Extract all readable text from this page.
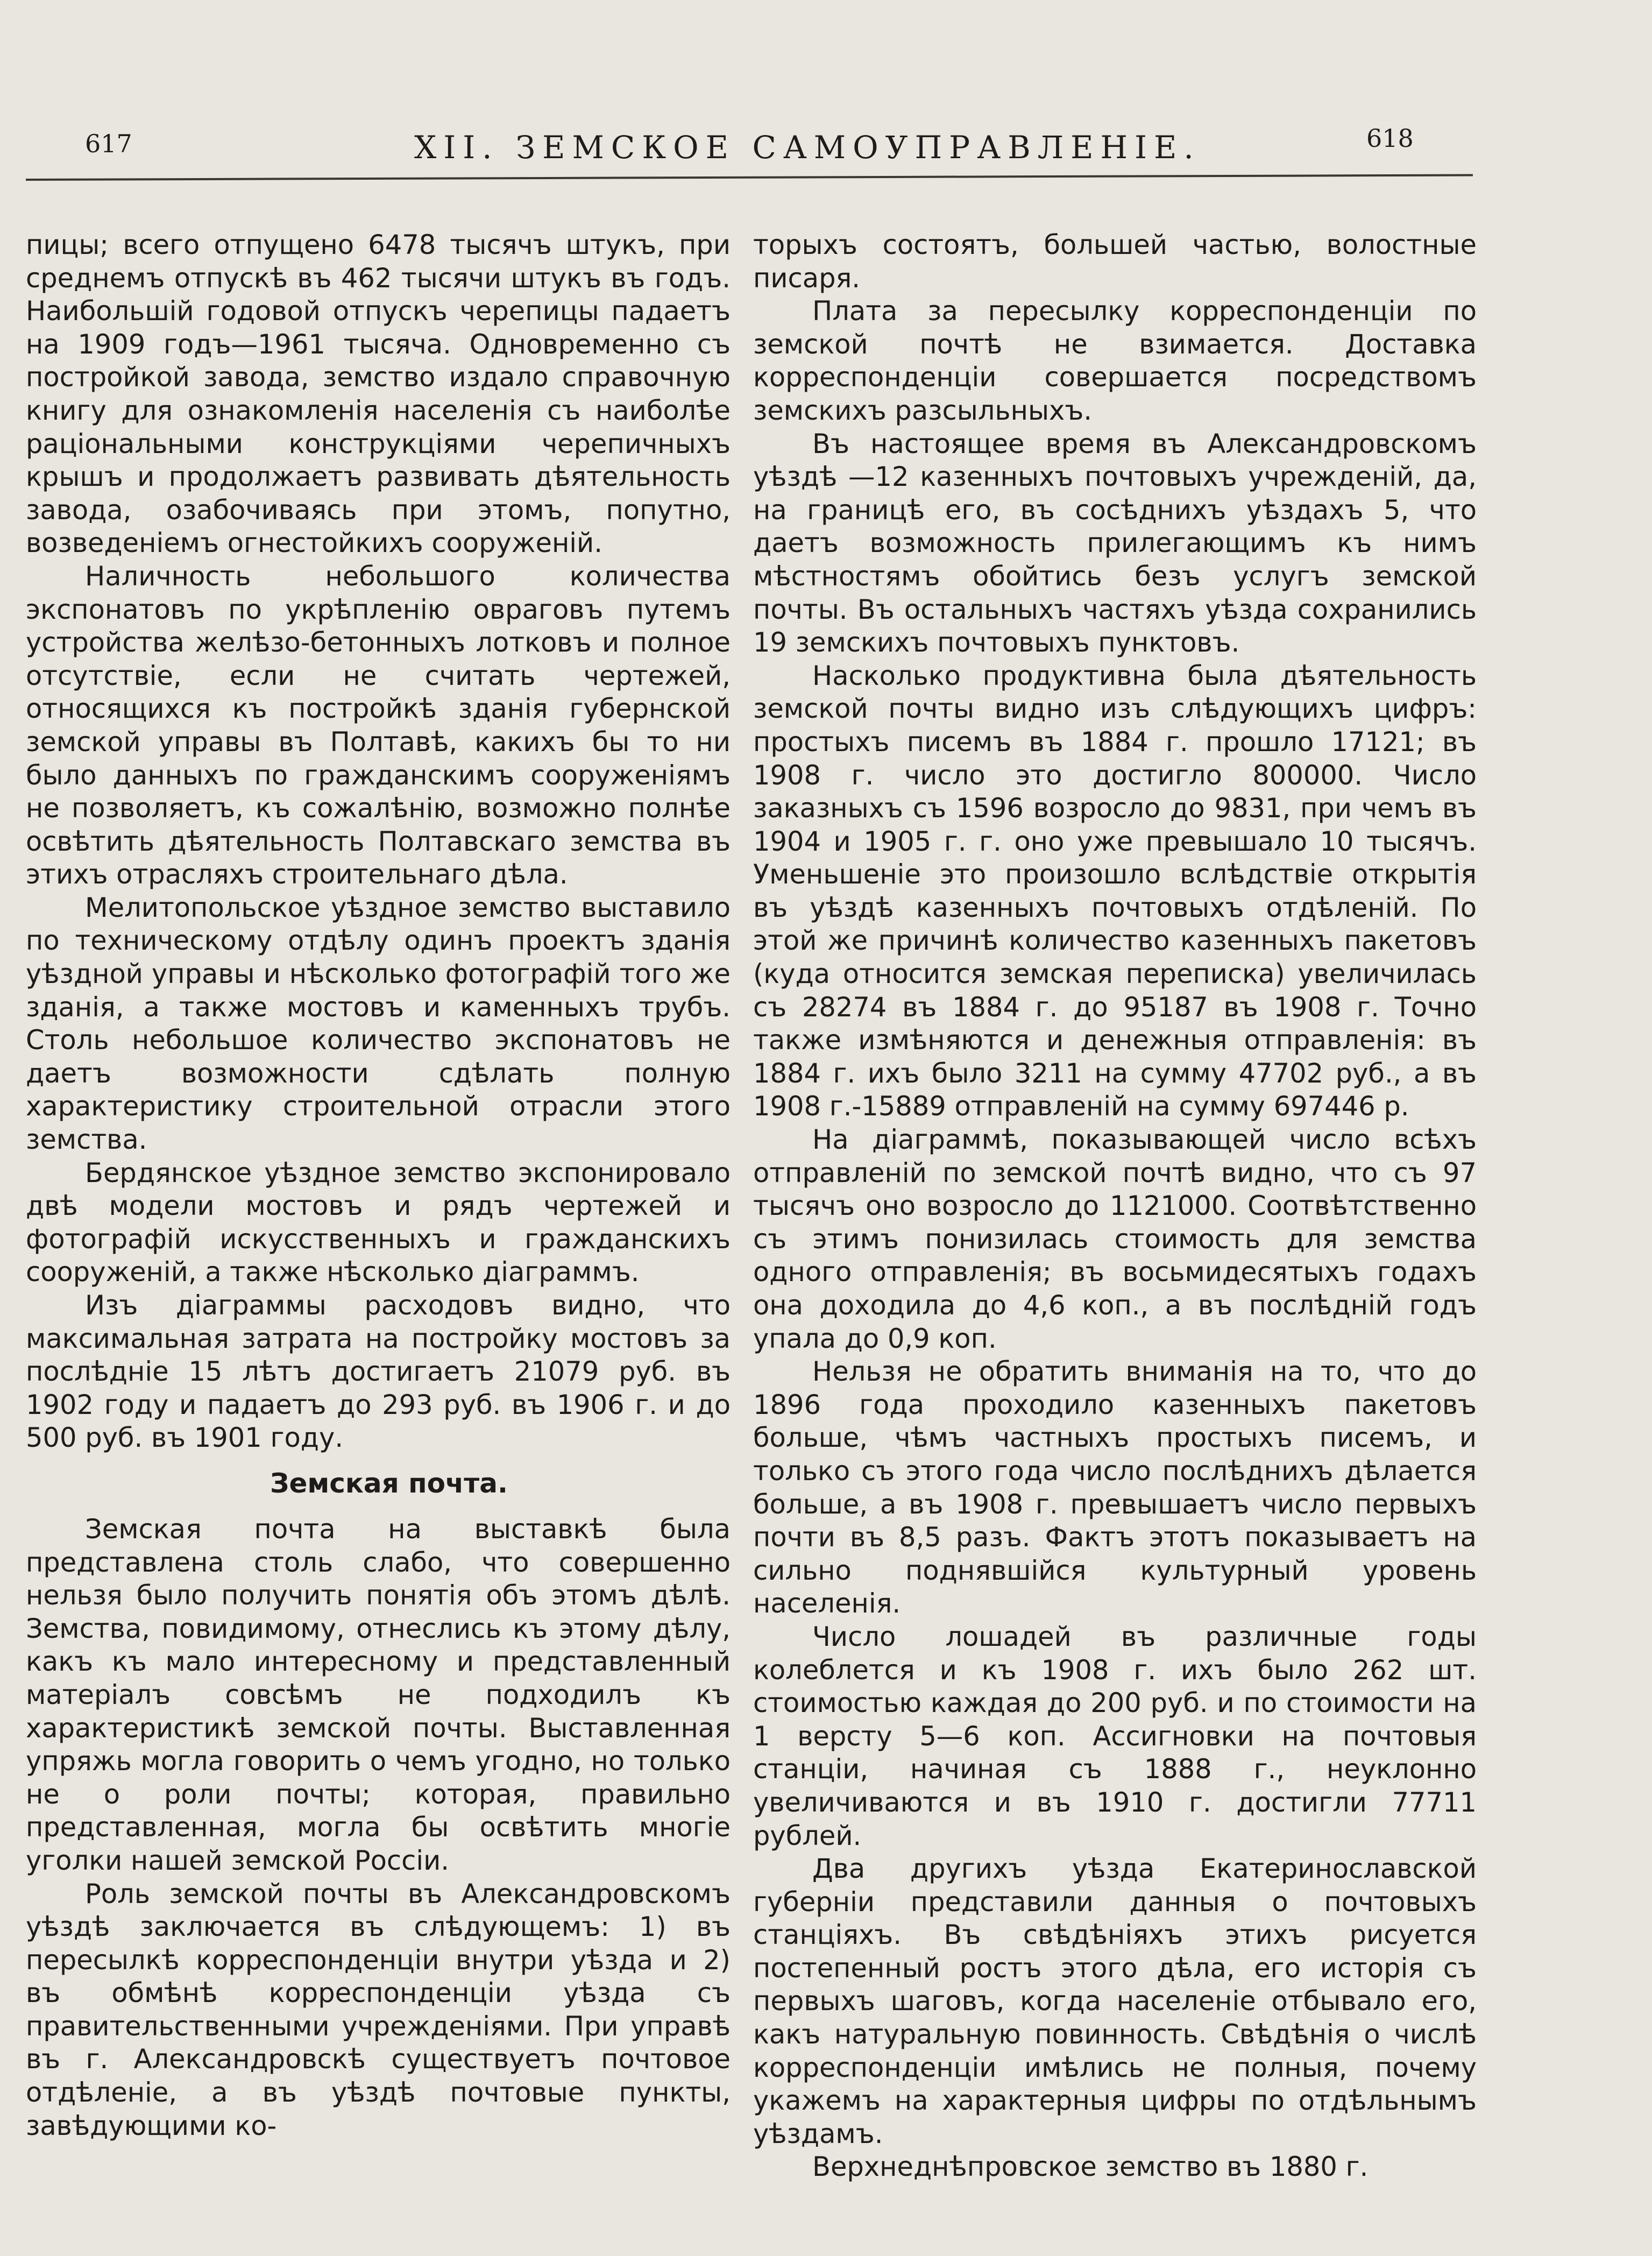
617	XII. ЗЕМСКОЕ САМОУПРАВЛЕНIЕ.	618

пицы; всего отпущено 6478 тысячъ штукъ, при среднемъ отпускѣ въ 462 тысячи штукъ въ годъ. Наибольшій годовой отпускъ черепицы падаетъ на 1909 годъ—1961 тысяча. Одновременно съ постройкой завода, земство издало справочную книгу для ознакомленія населенія съ наиболѣе раціональными конструкціями черепичныхъ крышъ и продолжаетъ развивать дѣятельность завода, озабочиваясь при этомъ, попутно, возведеніемъ огнестойкихъ сооруженій.

Наличность небольшого количества экспонатовъ по укрѣпленію овраговъ путемъ устройства желѣзо-бетонныхъ лотковъ и полное отсутствіе, если не считать чертежей, относящихся къ постройкѣ зданія губернской земской управы въ Полтавѣ, какихъ бы то ни было данныхъ по гражданскимъ сооруженіямъ не позволяетъ, къ сожалѣнію, возможно полнѣе освѣтить дѣятельность Полтавскаго земства въ этихъ отрасляхъ строительнаго дѣла.

Мелитопольское уѣздное земство выставило по техническому отдѣлу одинъ проектъ зданія уѣздной управы и нѣсколько фотографій того же зданія, а также мостовъ и каменныхъ трубъ. Столь небольшое количество экспонатовъ не даетъ возможности сдѣлать полную характеристику строительной отрасли этого земства.

Бердянское уѣздное земство экспонировало двѣ модели мостовъ и рядъ чертежей и фотографій искусственныхъ и гражданскихъ сооруженій, а также нѣсколько діаграммъ.

Изъ діаграммы расходовъ видно, что максимальная затрата на постройку мостовъ за послѣдніе 15 лѣтъ достигаетъ 21079 руб. въ 1902 году и падаетъ до 293 руб. въ 1906 г. и до 500 руб. въ 1901 году.

Земская почта.

Земская почта на выставкѣ была представлена столь слабо, что совершенно нельзя было получить понятія объ этомъ дѣлѣ. Земства, повидимому, отнеслись къ этому дѣлу, какъ къ мало интересному и представленный матеріалъ совсѣмъ не подходилъ къ характеристикѣ земской почты. Выставленная упряжь могла говорить о чемъ угодно, но только не о роли почты; которая, правильно представленная, могла бы освѣтить многіе уголки нашей земской Россіи.

Роль земской почты въ Александровскомъ уѣздѣ заключается въ слѣдующемъ: 1) въ пересылкѣ корреспонденціи внутри уѣзда и 2) въ обмѣнѣ корреспонденціи уѣзда съ правительственными учрежденіями. При управѣ въ г. Александровскѣ существуетъ почтовое отдѣленіе, а въ уѣздѣ почтовые пункты, завѣдующими ко-

торыхъ состоятъ, большей частью, волостные писаря.

Плата за пересылку корреспонденціи по земской почтѣ не взимается. Доставка корреспонденціи совершается посредствомъ земскихъ разсыльныхъ.

Въ настоящее время въ Александровскомъ уѣздѣ —12 казенныхъ почтовыхъ учрежденій, да, на границѣ его, въ сосѣднихъ уѣздахъ 5, что даетъ возможность прилегающимъ къ нимъ мѣстностямъ обойтись безъ услугъ земской почты. Въ остальныхъ частяхъ уѣзда сохранились 19 земскихъ почтовыхъ пунктовъ.

Насколько продуктивна была дѣятельность земской почты видно изъ слѣдующихъ цифръ: простыхъ писемъ въ 1884 г. прошло 17121; въ 1908 г. число это достигло 800000. Число заказныхъ съ 1596 возросло до 9831, при чемъ въ 1904 и 1905 г. г. оно уже превышало 10 тысячъ. Уменьшеніе это произошло вслѣдствіе открытія въ уѣздѣ казенныхъ почтовыхъ отдѣленій. По этой же причинѣ количество казенныхъ пакетовъ (куда относится земская переписка) увеличилась съ 28274 въ 1884 г. до 95187 въ 1908 г. Точно также измѣняются и денежныя отправленія: въ 1884 г. ихъ было 3211 на сумму 47702 руб., а въ 1908 г.-15889 отправленій на сумму 697446 р.

На діаграммѣ, показывающей число всѣхъ отправленій по земской почтѣ видно, что съ 97 тысячъ оно возросло до 1121000. Соотвѣтственно съ этимъ понизилась стоимость для земства одного отправленія; въ восьмидесятыхъ годахъ она доходила до 4,6 коп., а въ послѣдній годъ упала до 0,9 коп.

Нельзя не обратить вниманія на то, что до 1896 года проходило казенныхъ пакетовъ больше, чѣмъ частныхъ простыхъ писемъ, и только съ этого года число послѣднихъ дѣлается больше, а въ 1908 г. превышаетъ число первыхъ почти въ 8,5 разъ. Фактъ этотъ показываетъ на сильно поднявшійся культурный уровень населенія.

Число лошадей въ различные годы колеблется и къ 1908 г. ихъ было 262 шт. стоимостью каждая до 200 руб. и по стоимости на 1 версту 5—6 коп. Ассигновки на почтовыя станціи, начиная съ 1888 г., неуклонно увеличиваются и въ 1910 г. достигли 77711 рублей.

Два другихъ уѣзда Екатеринославской губерніи представили данныя о почтовыхъ станціяхъ. Въ свѣдѣніяхъ этихъ рисуется постепенный ростъ этого дѣла, его исторія съ первыхъ шаговъ, когда населеніе отбывало его, какъ натуральную повинность. Свѣдѣнія о числѣ корреспонденціи имѣлись не полныя, почему укажемъ на характерныя цифры по отдѣльнымъ уѣздамъ.

Верхнеднѣпровское земство въ 1880 г.
